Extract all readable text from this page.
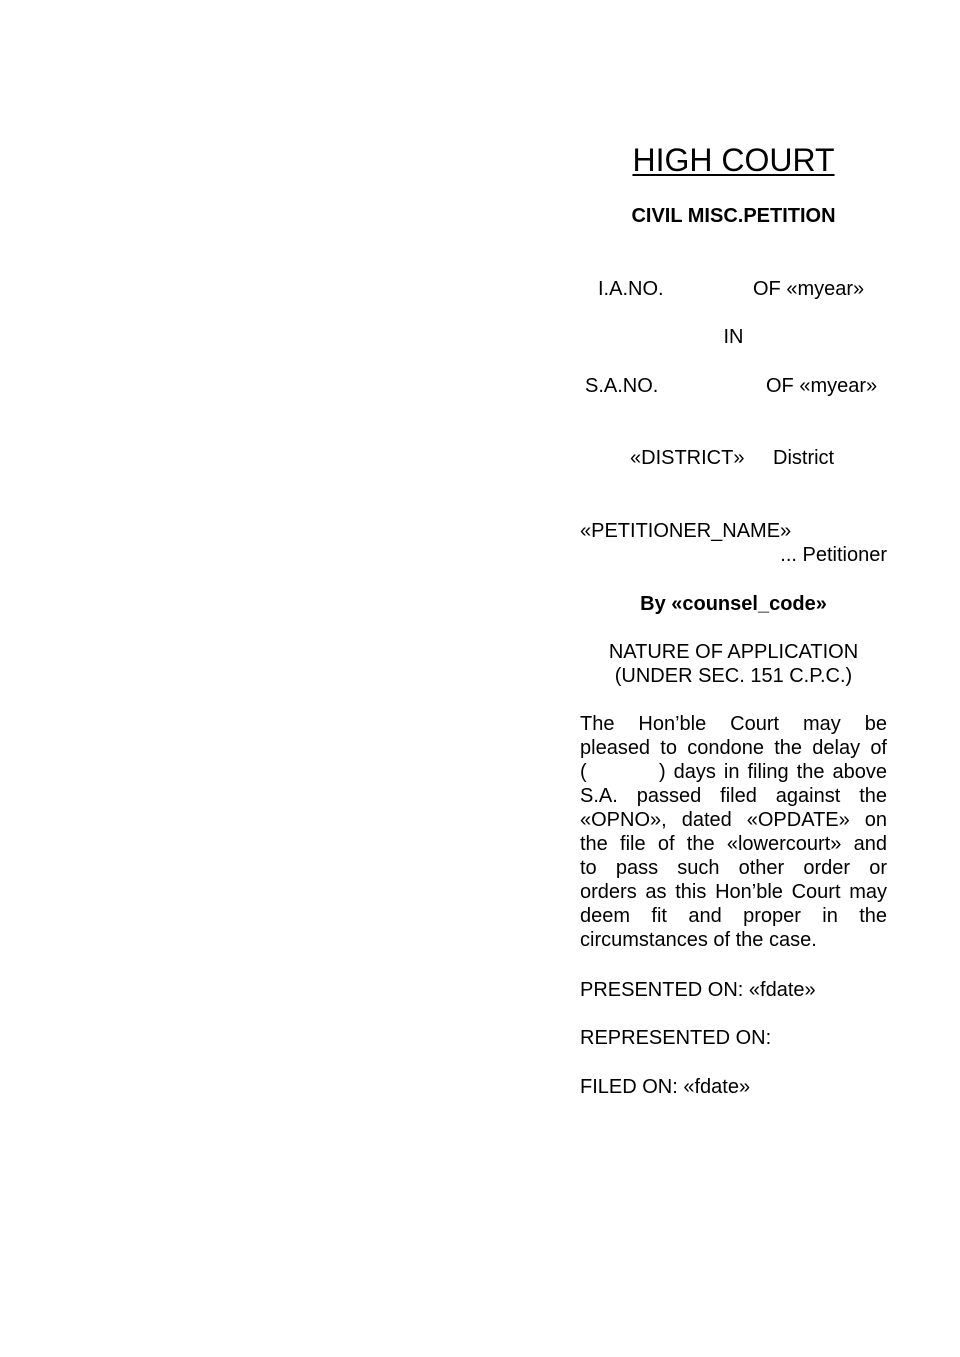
HIGH COURT
CIVIL MISC.PETITION
I.A.NO.	OF «myear»
IN
S.A.NO.	OF «myear»
«DISTRICT» District
«PETITIONER_NAME»
... Petitioner
By «counsel_code»
NATURE OF APPLICATION
(UNDER SEC. 151 C.P.C.)
The Hon’ble Court may be
pleased to condone the delay of
(         ) days in filing the above
S.A. passed filed against the
«OPNO», dated «OPDATE» on
the file of the «lowercourt» and
to pass such other order or
orders as this Hon’ble Court may
deem fit and proper in the
circumstances of the case.
PRESENTED ON: «fdate»
REPRESENTED ON:
FILED ON: «fdate»
